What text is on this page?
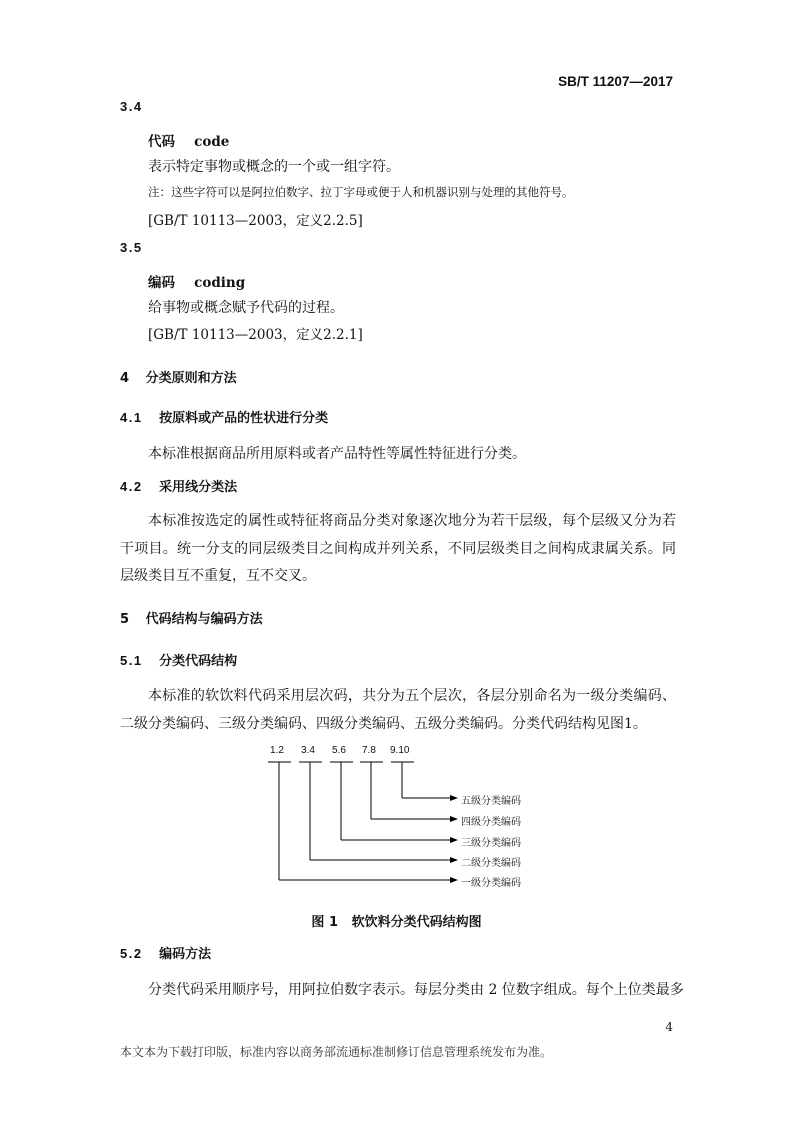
SB/T 11207—2017
3.4
代码 code
表示特定事物或概念的一个或一组字符。
注：这些字符可以是阿拉伯数字、拉丁字母或便于人和机器识别与处理的其他符号。
[GB/T 10113—2003，定义2.2.5]
3.5
编码 coding
给事物或概念赋予代码的过程。
[GB/T 10113—2003，定义2.2.1]
4 分类原则和方法
4.1 按原料或产品的性状进行分类
本标准根据商品所用原料或者产品特性等属性特征进行分类。
4.2 采用线分类法
本标准按选定的属性或特征将商品分类对象逐次地分为若干层级，每个层级又分为若干项目。统一分支的同层级类目之间构成并列关系，不同层级类目之间构成隶属关系。同层级类目互不重复，互不交叉。
5 代码结构与编码方法
5.1 分类代码结构
本标准的软饮料代码采用层次码，共分为五个层次，各层分别命名为一级分类编码、二级分类编码、三级分类编码、四级分类编码、五级分类编码。分类代码结构见图1。
1.2 3.4 5.6 7.8 9.10
五级分类编码
四级分类编码
三级分类编码
二级分类编码
一级分类编码
图 1   软饮料分类代码结构图
5.2 编码方法
分类代码采用顺序号，用阿拉伯数字表示。每层分类由 2 位数字组成。每个上位类最多
4
本文本为下载打印版，标准内容以商务部流通标准制修订信息管理系统发布为准。
